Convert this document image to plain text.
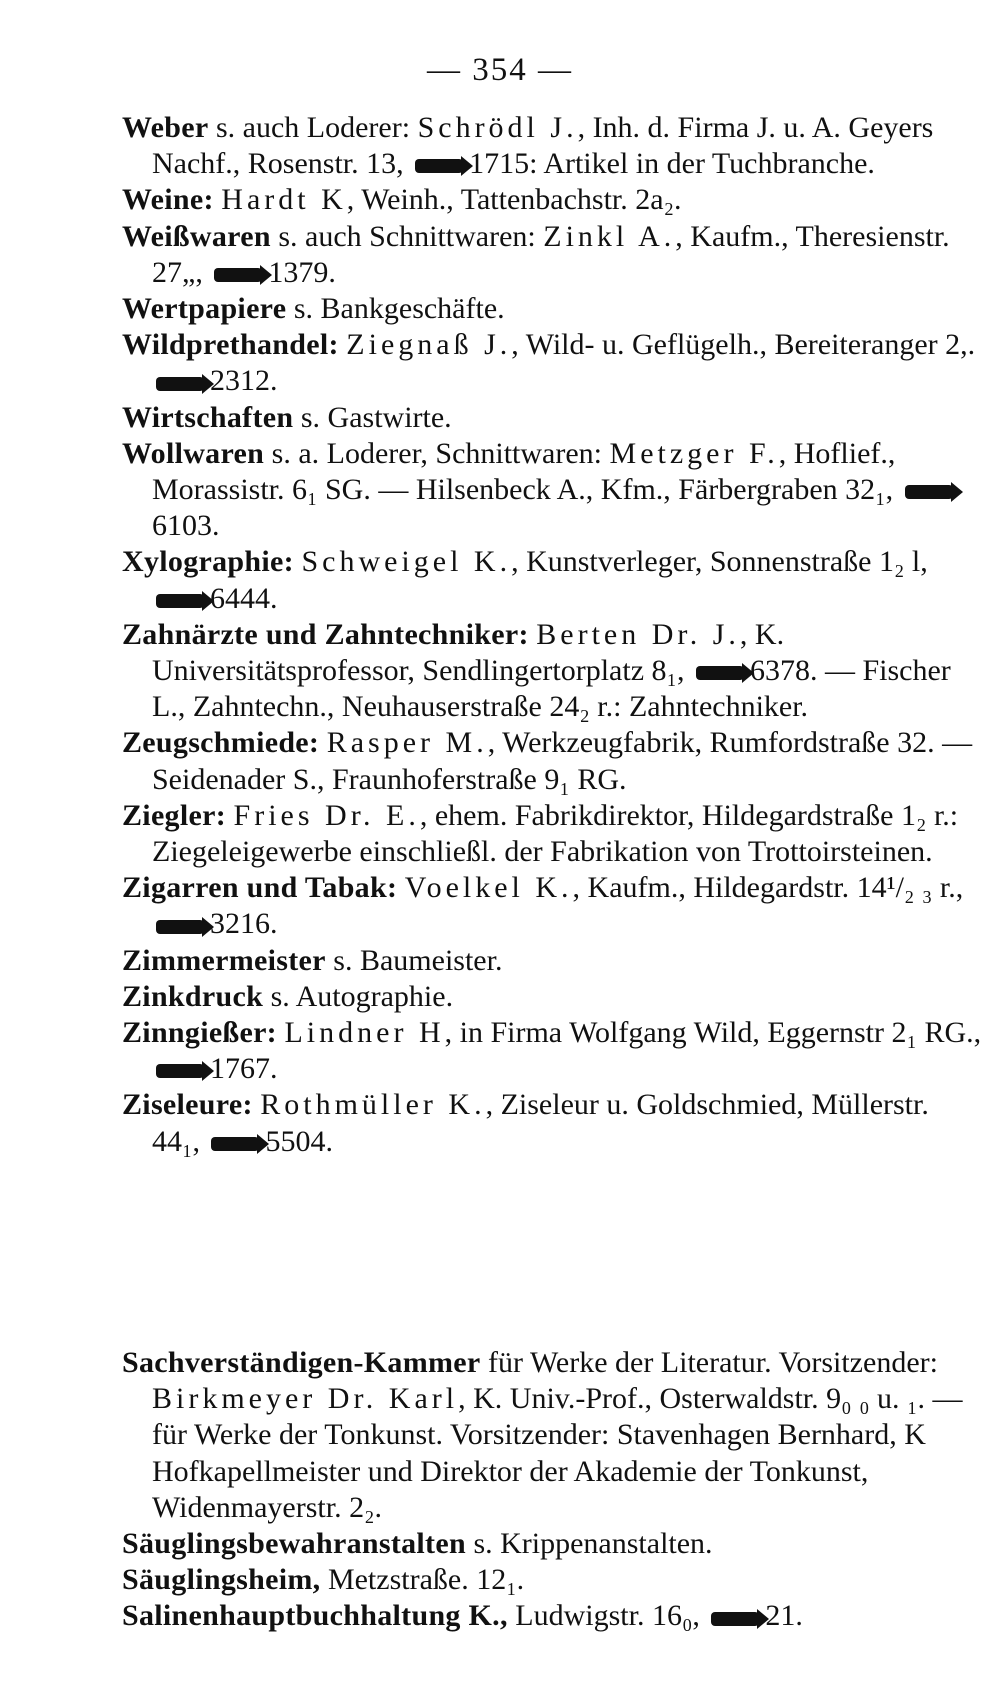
— 354 —
Weber s. auch Loderer: Schrödl J., Inh. d. Firma J. u. A. Geyers Nachf., Rosenstr. 13, 1715: Artikel in der Tuchbranche.
Weine: Hardt K, Weinh., Tattenbachstr. 2a₂.
Weißwaren s. auch Schnittwaren: Zinkl A., Kaufm., Theresienstr. 27„, 1379.
Wertpapiere s. Bankgeschäfte.
Wildprethandel: Ziegnaß J., Wild- u. Geflügelh., Bereiteranger 2,. 2312.
Wirtschaften s. Gastwirte.
Wollwaren s. a. Loderer, Schnittwaren: Metzger F., Hoflief., Morassistr. 6₁ SG. — Hilsenbeck A., Kfm., Färbergraben 32₁, 6103.
Xylographie: Schweigel K., Kunstverleger, Sonnenstraße 1₂ l, 6444.
Zahnärzte und Zahntechniker: Berten Dr. J., K. Universitätsprofessor, Sendlingertorplatz 8₁, 6378. — Fischer L., Zahntechn., Neuhauserstraße 24₂ r.: Zahntechniker.
Zeugschmiede: Rasper M., Werkzeugfabrik, Rumfordstraße 32. — Seidenader S., Fraunhoferstraße 9₁ RG.
Ziegler: Fries Dr. E., ehem. Fabrikdirektor, Hildegardstraße 1₂ r.: Ziegeleigewerbe einschließl. der Fabrikation von Trottoirsteinen.
Zigarren und Tabak: Voelkel K., Kaufm., Hildegardstr. 14¹/₂ ₃ r., 3216.
Zimmermeister s. Baumeister.
Zinkdruck s. Autographie.
Zinngießer: Lindner H, in Firma Wolfgang Wild, Eggernstr 2₁ RG., 1767.
Ziseleure: Rothmüller K., Ziseleur u. Goldschmied, Müllerstr. 44₁, 5504.
Sachverständigen-Kammer für Werke der Literatur. Vorsitzender: Birkmeyer Dr. Karl, K. Univ.-Prof., Osterwaldstr. 9₀ ₀ u. ₁. — für Werke der Tonkunst. Vorsitzender: Stavenhagen Bernhard, K Hofkapellmeister und Direktor der Akademie der Tonkunst, Widenmayerstr. 2₂.
Säuglingsbewahranstalten s. Krippenanstalten.
Säuglingsheim, Metzstraße. 12₁.
Salinenhauptbuchhaltung K., Ludwigstr. 16₀, 21.
